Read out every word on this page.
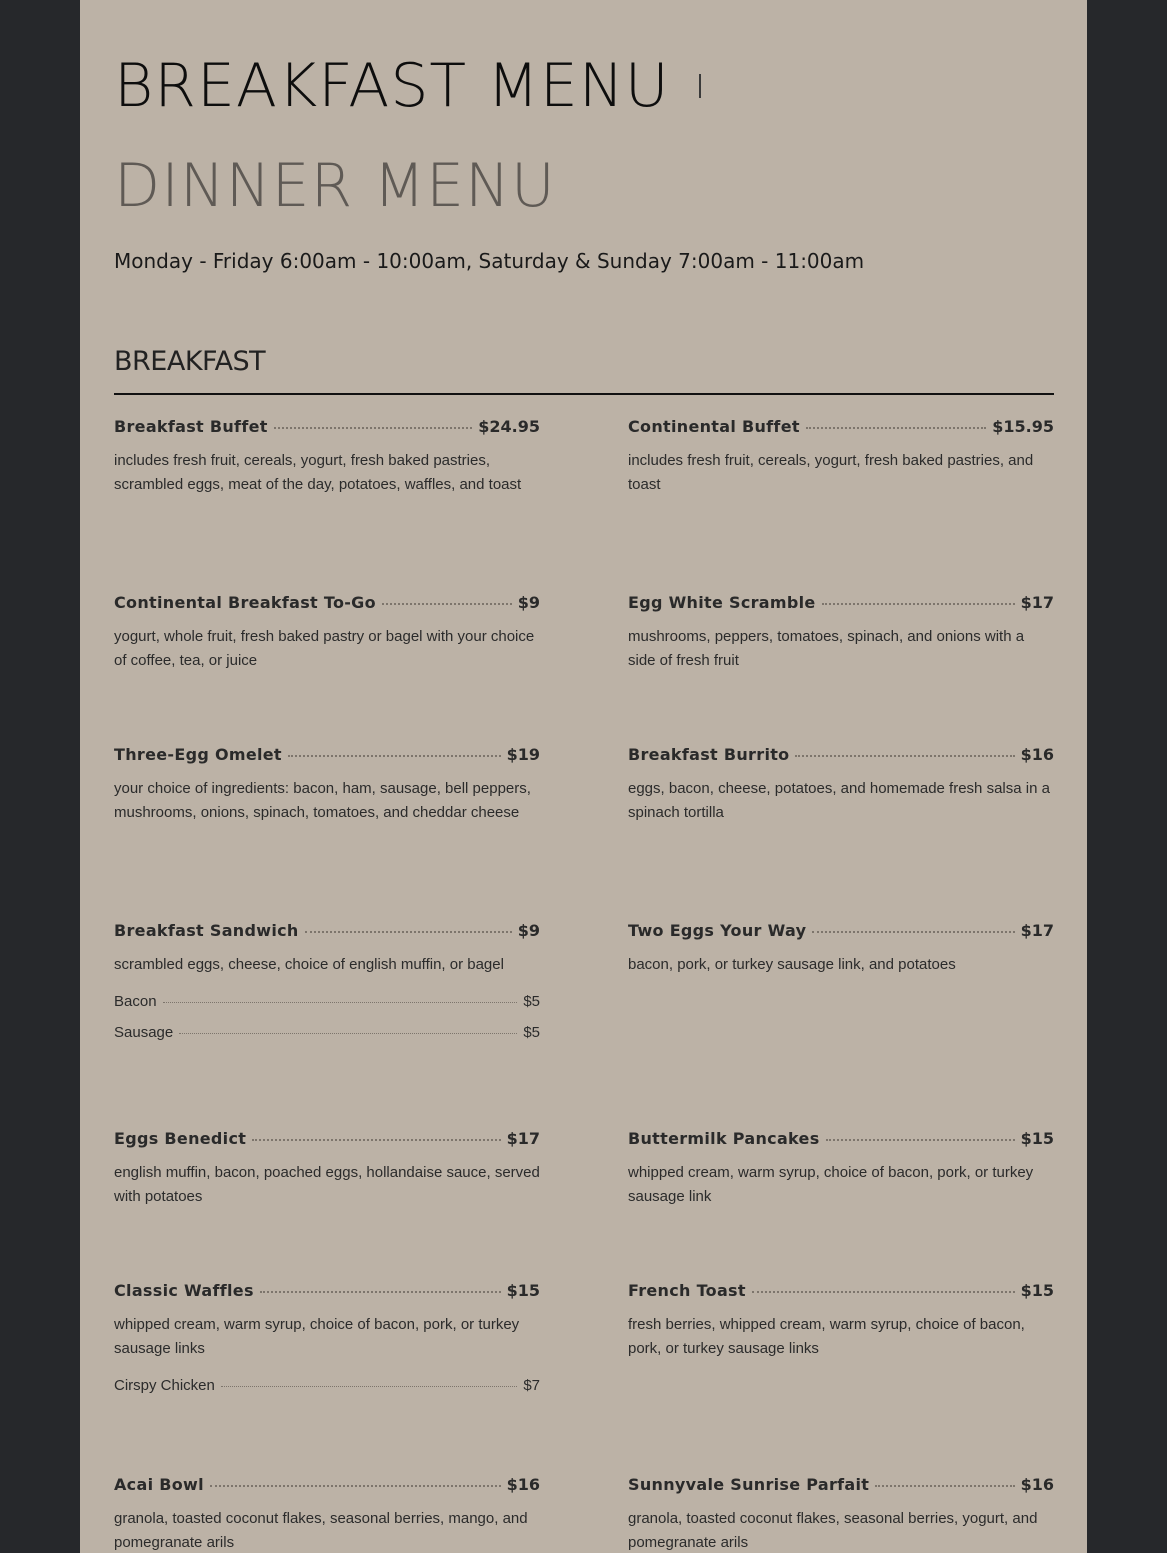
BREAKFAST MENU
DINNER MENU
Monday - Friday 6:00am - 10:00am, Saturday & Sunday 7:00am - 11:00am
BREAKFAST
Breakfast Buffet	$24.95
includes fresh fruit, cereals, yogurt, fresh baked pastries, scrambled eggs, meat of the day, potatoes, waffles, and toast
Continental Buffet	$15.95
includes fresh fruit, cereals, yogurt, fresh baked pastries, and toast
Continental Breakfast To-Go	$9
yogurt, whole fruit, fresh baked pastry or bagel with your choice of coffee, tea, or juice
Egg White Scramble	$17
mushrooms, peppers, tomatoes, spinach, and onions with a side of fresh fruit
Three-Egg Omelet	$19
your choice of ingredients: bacon, ham, sausage, bell peppers, mushrooms, onions, spinach, tomatoes, and cheddar cheese
Breakfast Burrito	$16
eggs, bacon, cheese, potatoes, and homemade fresh salsa in a spinach tortilla
Breakfast Sandwich	$9
scrambled eggs, cheese, choice of english muffin, or bagel
Bacon	$5
Sausage	$5
Two Eggs Your Way	$17
bacon, pork, or turkey sausage link, and potatoes
Eggs Benedict	$17
english muffin, bacon, poached eggs, hollandaise sauce, served with potatoes
Buttermilk Pancakes	$15
whipped cream, warm syrup, choice of bacon, pork, or turkey sausage link
Classic Waffles	$15
whipped cream, warm syrup, choice of bacon, pork, or turkey sausage links
Cirspy Chicken	$7
French Toast	$15
fresh berries, whipped cream, warm syrup, choice of bacon, pork, or turkey sausage links
Acai Bowl	$16
granola, toasted coconut flakes, seasonal berries, mango, and pomegranate arils
Sunnyvale Sunrise Parfait	$16
granola, toasted coconut flakes, seasonal berries, yogurt, and pomegranate arils
